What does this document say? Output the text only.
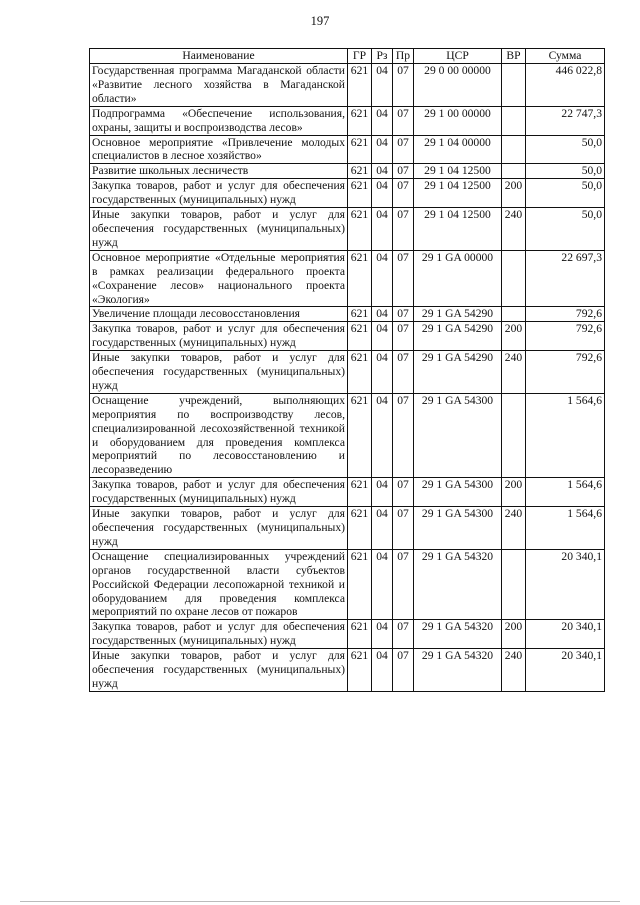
197
Наименование	ГР	Рз	Пр	ЦСР	ВР	Сумма
Государственная программа Магаданской области «Развитие лесного хозяйства в Магаданской области»	621	04	07	29 0 00 00000		446 022,8
Подпрограмма «Обеспечение использования, охраны, защиты и воспроизводства лесов»	621	04	07	29 1 00 00000		22 747,3
Основное мероприятие «Привлечение молодых специалистов в лесное хозяйство»	621	04	07	29 1 04 00000		50,0
Развитие школьных лесничеств	621	04	07	29 1 04 12500		50,0
Закупка товаров, работ и услуг для обеспечения государственных (муниципальных) нужд	621	04	07	29 1 04 12500	200	50,0
Иные закупки товаров, работ и услуг для обеспечения государственных (муниципальных) нужд	621	04	07	29 1 04 12500	240	50,0
Основное мероприятие «Отдельные мероприятия в рамках реализации федерального проекта «Сохранение лесов» национального проекта «Экология»	621	04	07	29 1 GA 00000		22 697,3
Увеличение площади лесовосстановления	621	04	07	29 1 GA 54290		792,6
Закупка товаров, работ и услуг для обеспечения государственных (муниципальных) нужд	621	04	07	29 1 GA 54290	200	792,6
Иные закупки товаров, работ и услуг для обеспечения государственных (муниципальных) нужд	621	04	07	29 1 GA 54290	240	792,6
Оснащение учреждений, выполняющих мероприятия по воспроизводству лесов, специализированной лесохозяйственной техникой и оборудованием для проведения комплекса мероприятий по лесовосстановлению и лесоразведению	621	04	07	29 1 GA 54300		1 564,6
Закупка товаров, работ и услуг для обеспечения государственных (муниципальных) нужд	621	04	07	29 1 GA 54300	200	1 564,6
Иные закупки товаров, работ и услуг для обеспечения государственных (муниципальных) нужд	621	04	07	29 1 GA 54300	240	1 564,6
Оснащение специализированных учреждений органов государственной власти субъектов Российской Федерации лесопожарной техникой и оборудованием для проведения комплекса мероприятий по охране лесов от пожаров	621	04	07	29 1 GA 54320		20 340,1
Закупка товаров, работ и услуг для обеспечения государственных (муниципальных) нужд	621	04	07	29 1 GA 54320	200	20 340,1
Иные закупки товаров, работ и услуг для обеспечения государственных (муниципальных) нужд	621	04	07	29 1 GA 54320	240	20 340,1
